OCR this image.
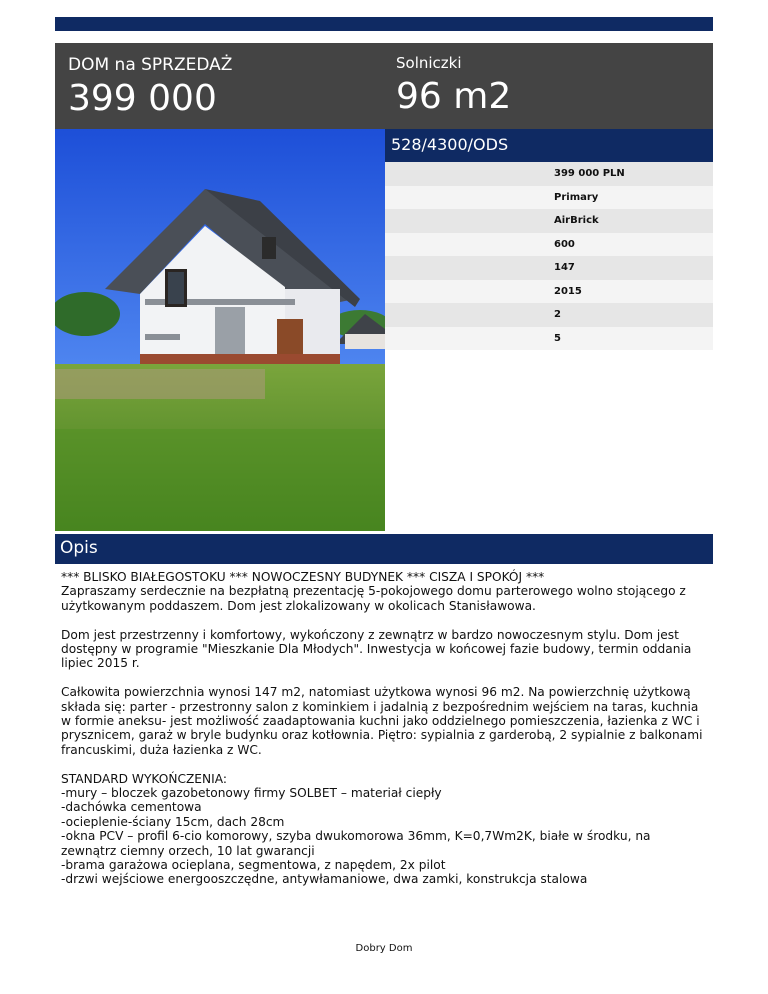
DOM na SPRZEDAŻ
399 000
Solniczki
96 m2
528/4300/ODS
399 000 PLN
Primary
AirBrick
600
147
2015
2
5
Opis

*** BLISKO BIAŁEGOSTOKU *** NOWOCZESNY BUDYNEK *** CISZA I SPOKÓJ ***
Zapraszamy serdecznie na bezpłatną prezentację 5-pokojowego domu parterowego wolno stojącego z użytkowanym poddaszem. Dom jest zlokalizowany w okolicach Stanisławowa.

Dom jest przestrzenny i komfortowy, wykończony z zewnątrz w bardzo nowoczesnym stylu. Dom jest dostępny w programie "Mieszkanie Dla Młodych". Inwestycja w końcowej fazie budowy, termin oddania lipiec 2015 r.

Całkowita powierzchnia wynosi 147 m2, natomiast użytkowa wynosi 96 m2. Na powierzchnię użytkową składa się: parter - przestronny salon z kominkiem i jadalnią z bezpośrednim wejściem na taras, kuchnia w formie aneksu- jest możliwość zaadaptowania kuchni jako oddzielnego pomieszczenia, łazienka z WC i prysznicem, garaż w bryle budynku oraz kotłownia. Piętro: sypialnia z garderobą, 2 sypialnie z balkonami francuskimi, duża łazienka z WC.

STANDARD WYKOŃCZENIA:
-mury – bloczek gazobetonowy firmy SOLBET – materiał ciepły
-dachówka cementowa
-ocieplenie-ściany 15cm, dach 28cm
-okna PCV – profil 6-cio komorowy, szyba dwukomorowa 36mm, K=0,7Wm2K, białe w środku, na zewnątrz ciemny orzech, 10 lat gwarancji
-brama garażowa ocieplana, segmentowa, z napędem, 2x pilot
-drzwi wejściowe energooszczędne, antywłamaniowe, dwa zamki, konstrukcja stalowa

Dobry Dom
